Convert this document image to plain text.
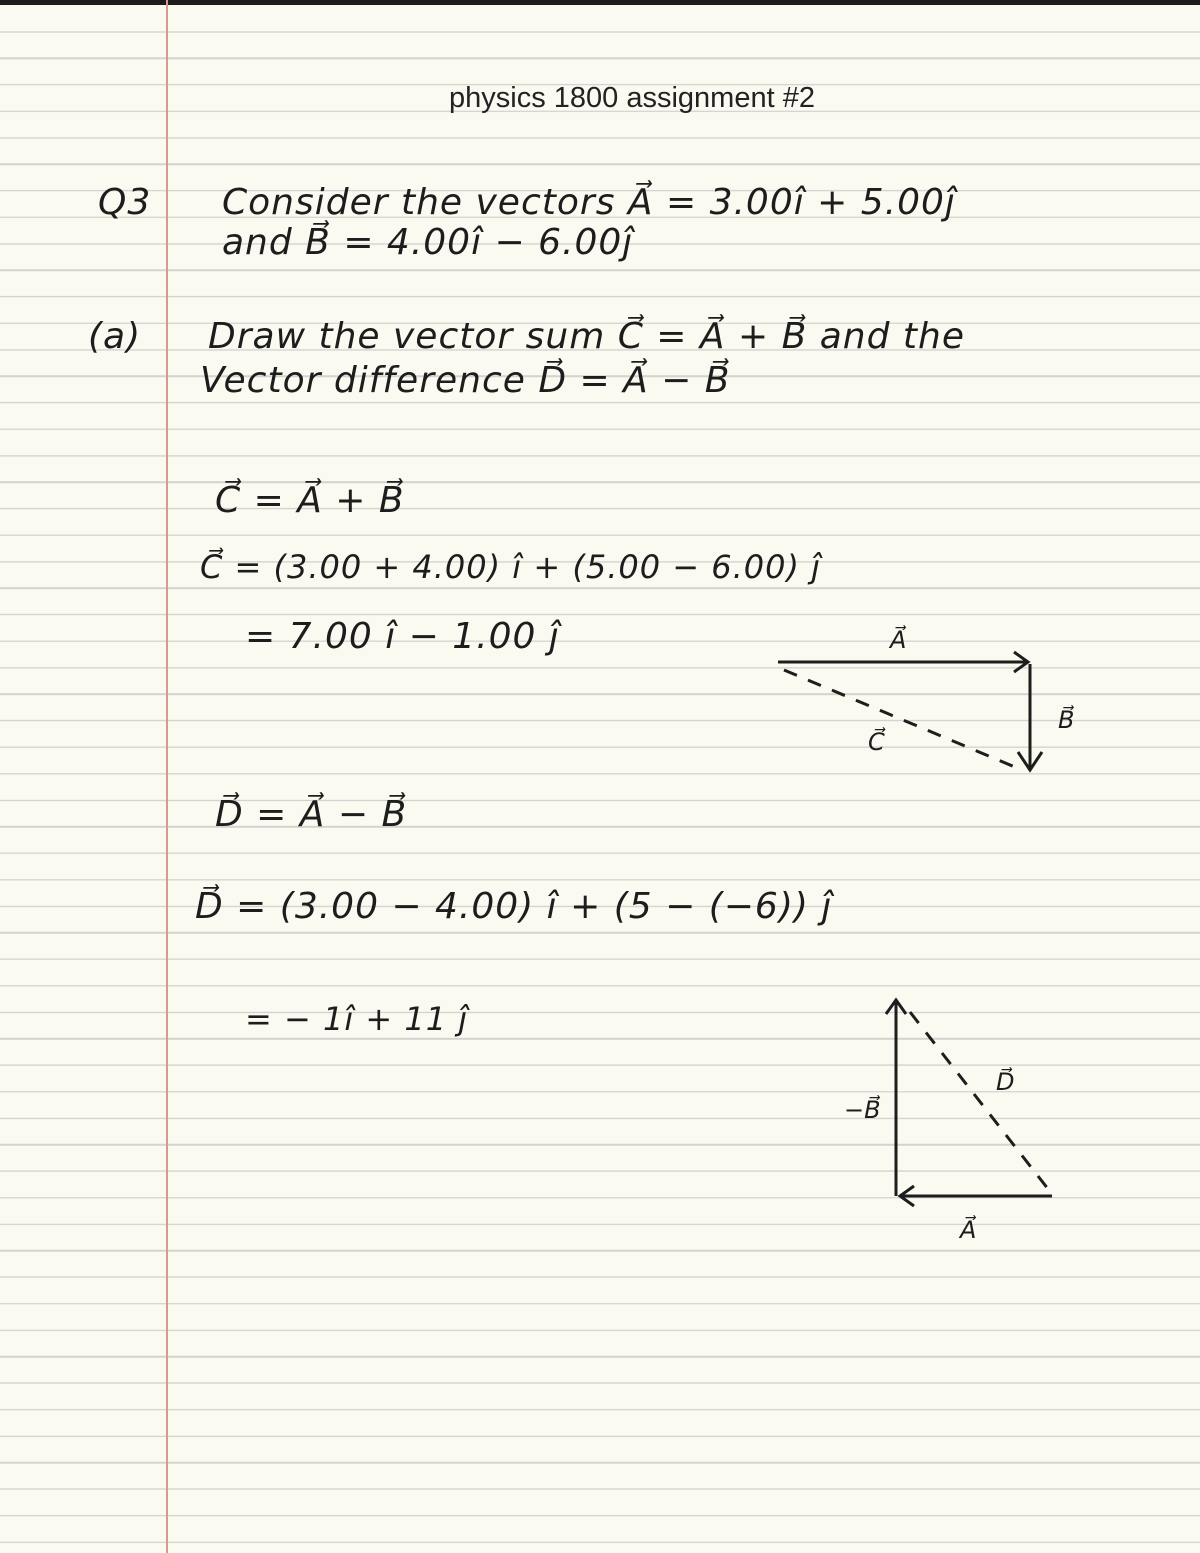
physics 1800 assignment #2
Q3 Consider the vectors A⃗ = 3.00î + 5.00ĵ
and B⃗ = 4.00î − 6.00ĵ
(a) Draw the vector sum C⃗ = A⃗ + B⃗ and the
Vector difference D⃗ = A⃗ − B⃗
C⃗ = A⃗ + B⃗
C⃗ = (3.00 + 4.00) î + (5.00 − 6.00) ĵ
= 7.00 î − 1.00 ĵ	A⃗
B⃗
C⃗
D⃗ = A⃗ − B⃗
D⃗ = (3.00 − 4.00) î + (5 − (−6)) ĵ
= − 1î + 11 ĵ
−B⃗
D⃗
A⃗
